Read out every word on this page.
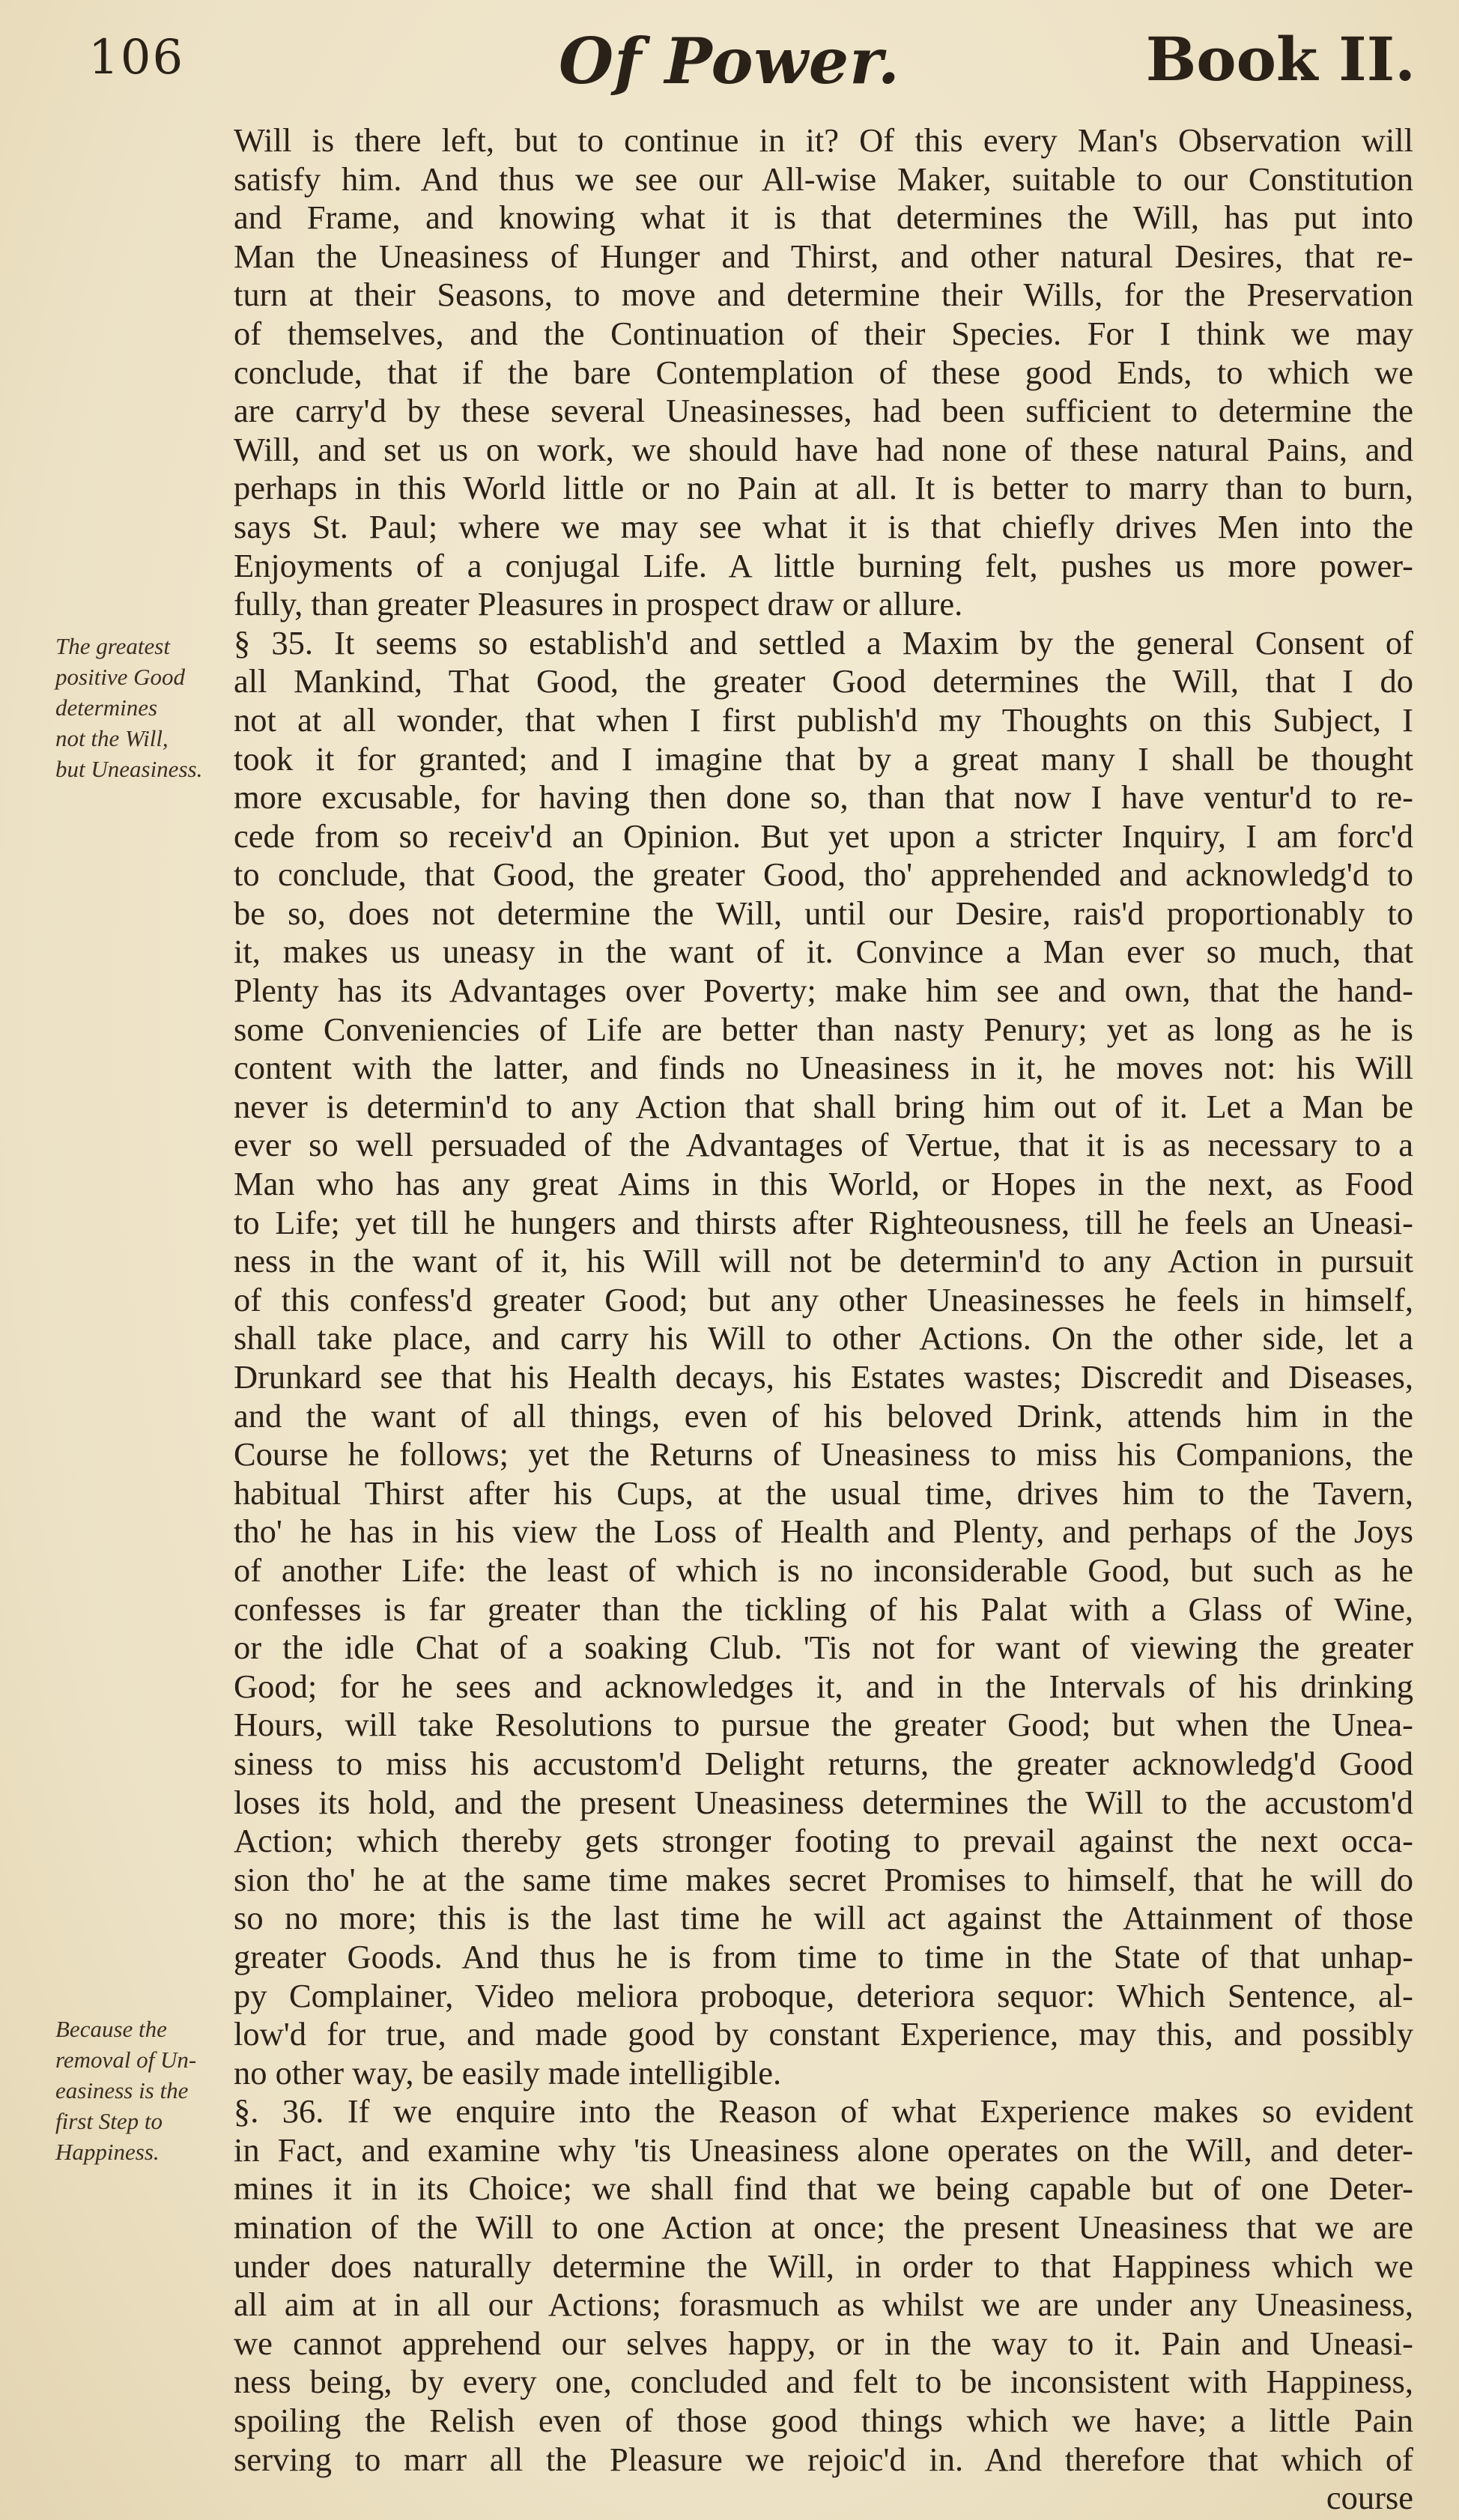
106	Of Power.	Book II.
The greatest
positive Good
determines
not the Will,
but Uneasiness.
Because the
removal of Un-
easiness is the
first Step to
Happiness.
Will is there left, but to continue in it? Of this every Man's Observation will
satisfy him. And thus we see our All-wise Maker, suitable to our Constitution
and Frame, and knowing what it is that determines the Will, has put into
Man the Uneasiness of Hunger and Thirst, and other natural Desires, that re-
turn at their Seasons, to move and determine their Wills, for the Preservation
of themselves, and the Continuation of their Species. For I think we may
conclude, that if the bare Contemplation of these good Ends, to which we
are carry'd by these several Uneasinesses, had been sufficient to determine the
Will, and set us on work, we should have had none of these natural Pains, and
perhaps in this World little or no Pain at all. It is better to marry than to burn,
says St. Paul; where we may see what it is that chiefly drives Men into the
Enjoyments of a conjugal Life. A little burning felt, pushes us more power-
fully, than greater Pleasures in prospect draw or allure.
§ 35. It seems so establish'd and settled a Maxim by the general Consent of
all Mankind, That Good, the greater Good determines the Will, that I do
not at all wonder, that when I first publish'd my Thoughts on this Subject, I
took it for granted; and I imagine that by a great many I shall be thought
more excusable, for having then done so, than that now I have ventur'd to re-
cede from so receiv'd an Opinion. But yet upon a stricter Inquiry, I am forc'd
to conclude, that Good, the greater Good, tho' apprehended and acknowledg'd to
be so, does not determine the Will, until our Desire, rais'd proportionably to
it, makes us uneasy in the want of it. Convince a Man ever so much, that
Plenty has its Advantages over Poverty; make him see and own, that the hand-
some Conveniencies of Life are better than nasty Penury; yet as long as he is
content with the latter, and finds no Uneasiness in it, he moves not: his Will
never is determin'd to any Action that shall bring him out of it. Let a Man be
ever so well persuaded of the Advantages of Vertue, that it is as necessary to a
Man who has any great Aims in this World, or Hopes in the next, as Food
to Life; yet till he hungers and thirsts after Righteousness, till he feels an Uneasi-
ness in the want of it, his Will will not be determin'd to any Action in pursuit
of this confess'd greater Good; but any other Uneasinesses he feels in himself,
shall take place, and carry his Will to other Actions. On the other side, let a
Drunkard see that his Health decays, his Estates wastes; Discredit and Diseases,
and the want of all things, even of his beloved Drink, attends him in the
Course he follows; yet the Returns of Uneasiness to miss his Companions, the
habitual Thirst after his Cups, at the usual time, drives him to the Tavern,
tho' he has in his view the Loss of Health and Plenty, and perhaps of the Joys
of another Life: the least of which is no inconsiderable Good, but such as he
confesses is far greater than the tickling of his Palat with a Glass of Wine,
or the idle Chat of a soaking Club. 'Tis not for want of viewing the greater
Good; for he sees and acknowledges it, and in the Intervals of his drinking
Hours, will take Resolutions to pursue the greater Good; but when the Unea-
siness to miss his accustom'd Delight returns, the greater acknowledg'd Good
loses its hold, and the present Uneasiness determines the Will to the accustom'd
Action; which thereby gets stronger footing to prevail against the next occa-
sion tho' he at the same time makes secret Promises to himself, that he will do
so no more; this is the last time he will act against the Attainment of those
greater Goods. And thus he is from time to time in the State of that unhap-
py Complainer, Video meliora proboque, deteriora sequor: Which Sentence, al-
low'd for true, and made good by constant Experience, may this, and possibly
no other way, be easily made intelligible.
§. 36. If we enquire into the Reason of what Experience makes so evident
in Fact, and examine why 'tis Uneasiness alone operates on the Will, and deter-
mines it in its Choice; we shall find that we being capable but of one Deter-
mination of the Will to one Action at once; the present Uneasiness that we are
under does naturally determine the Will, in order to that Happiness which we
all aim at in all our Actions; forasmuch as whilst we are under any Uneasiness,
we cannot apprehend our selves happy, or in the way to it. Pain and Uneasi-
ness being, by every one, concluded and felt to be inconsistent with Happiness,
spoiling the Relish even of those good things which we have; a little Pain
serving to marr all the Pleasure we rejoic'd in. And therefore that which of
course
